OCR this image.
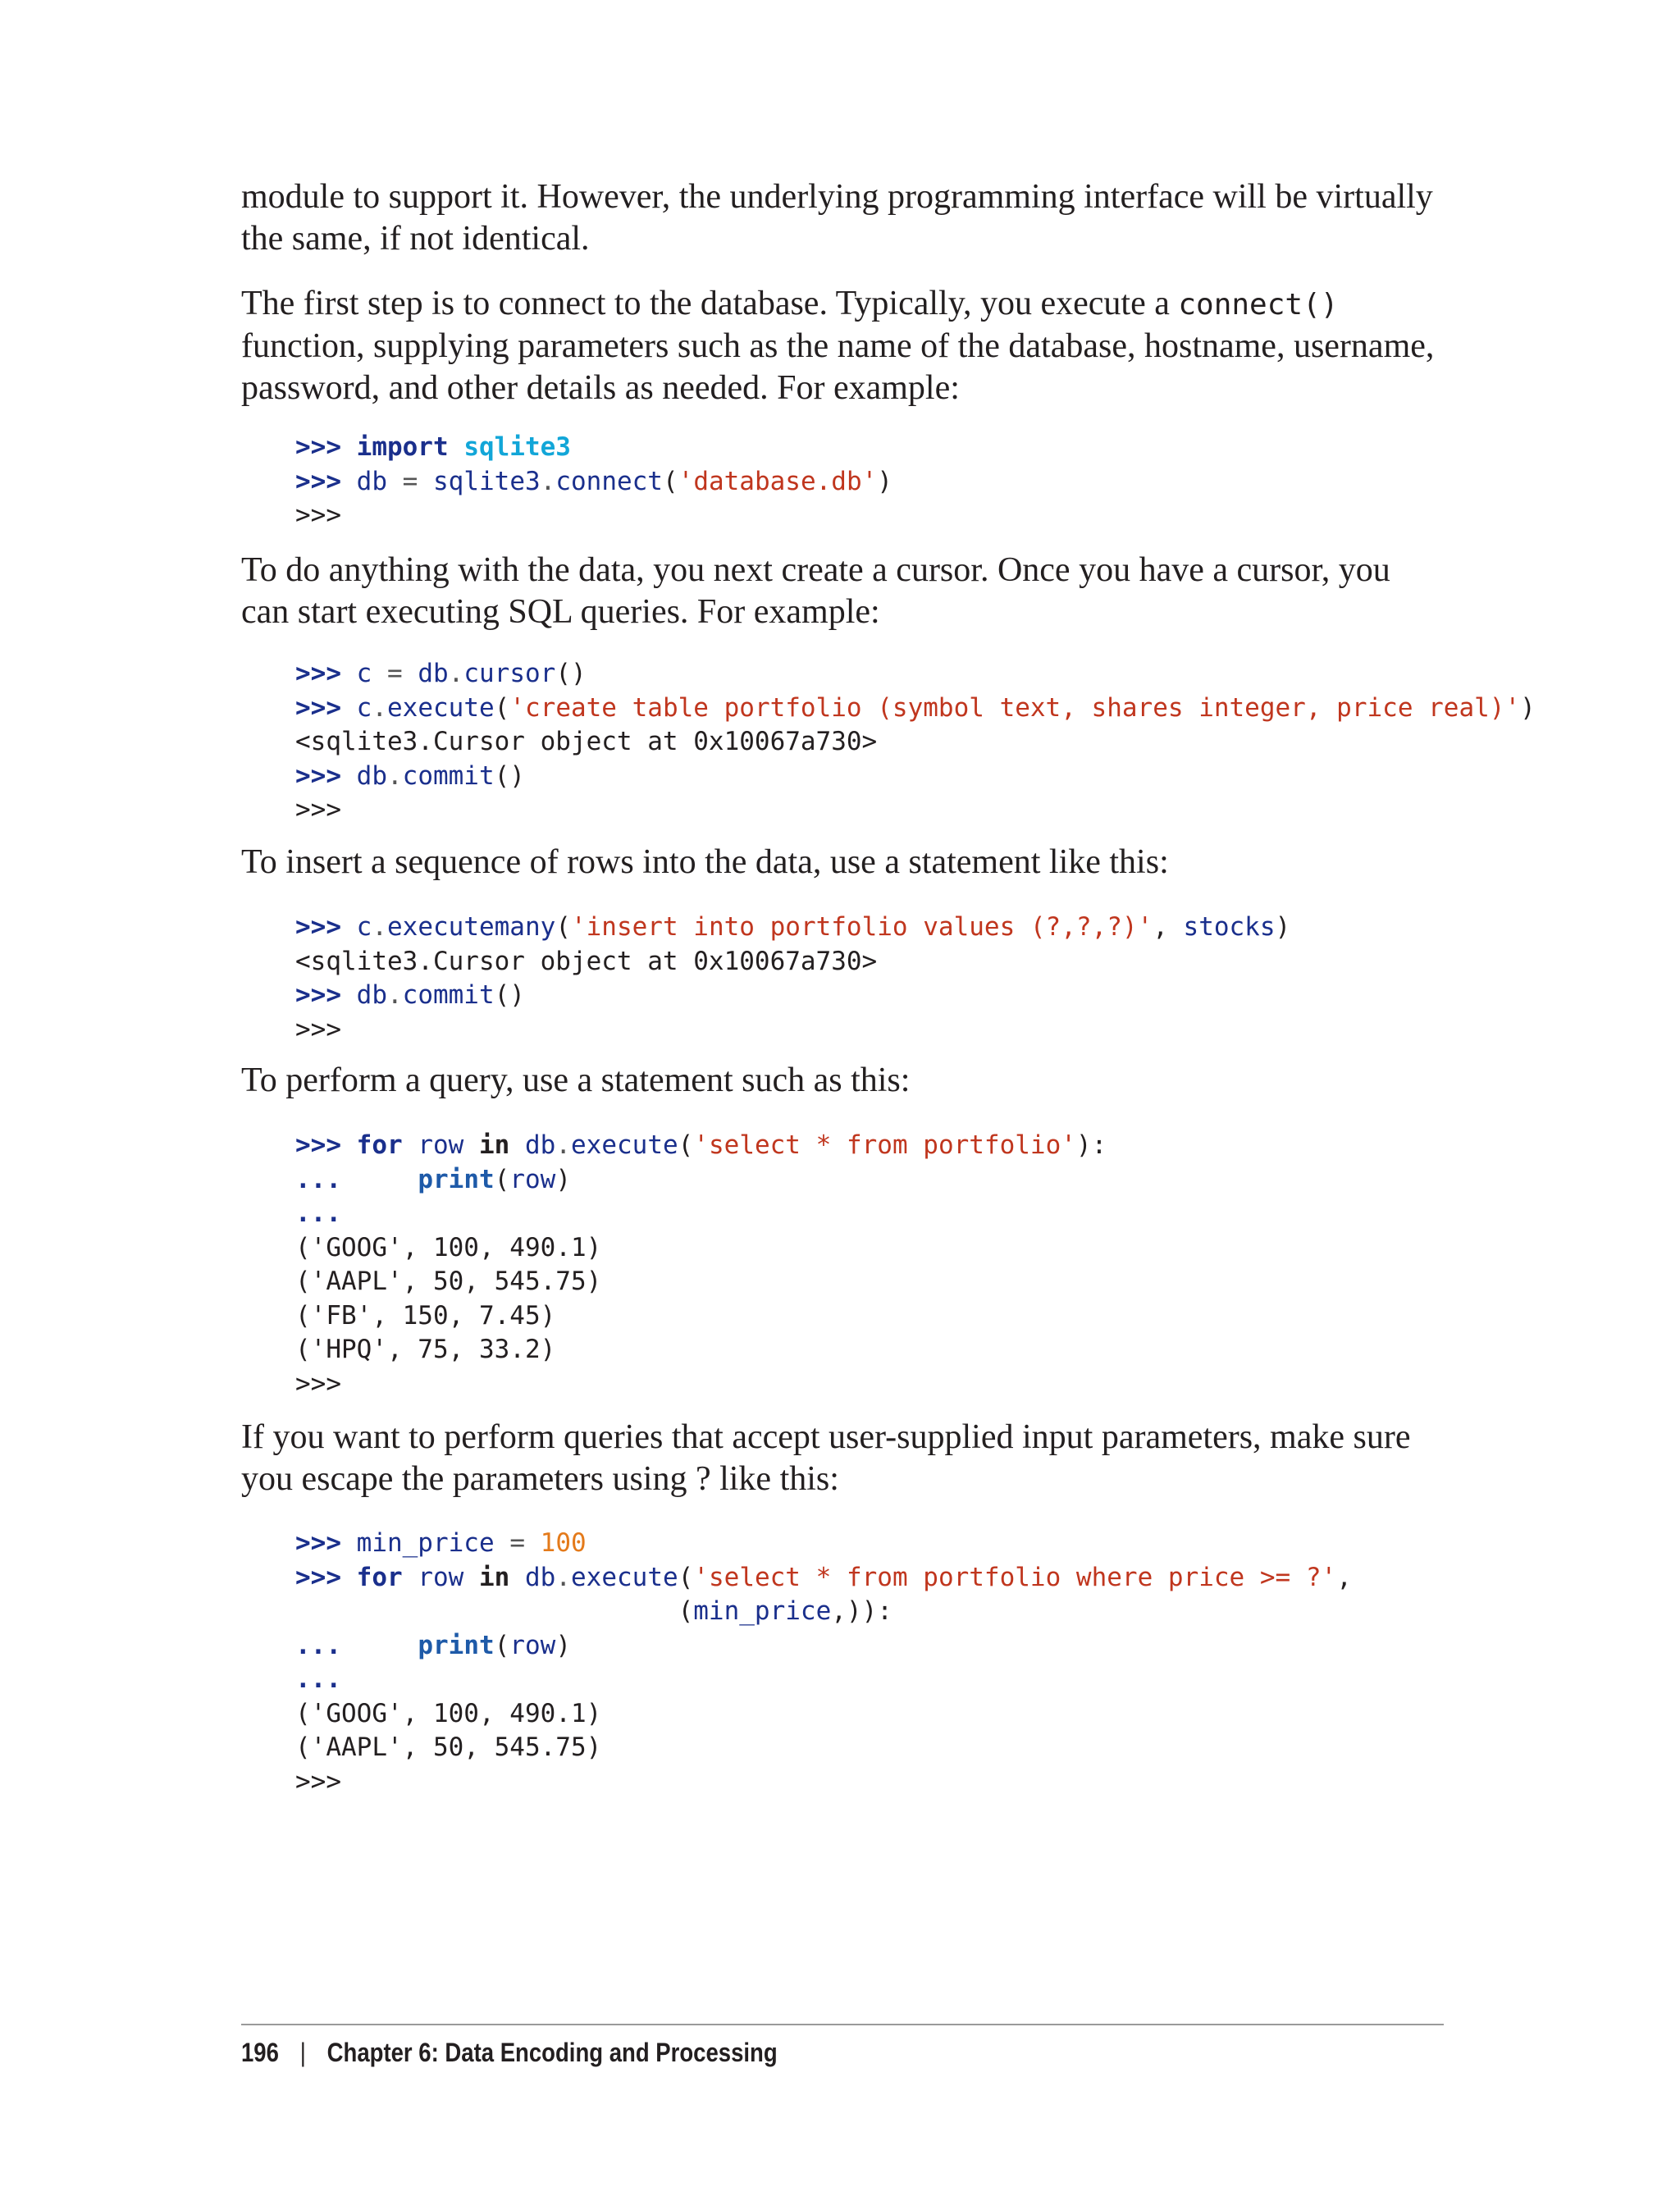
module to support it. However, the underlying programming interface will be virtually the same, if not identical.

The first step is to connect to the database. Typically, you execute a connect() function, supplying parameters such as the name of the database, hostname, username, password, and other details as needed. For example:

>>> import sqlite3
>>> db = sqlite3.connect('database.db')
>>>

To do anything with the data, you next create a cursor. Once you have a cursor, you can start executing SQL queries. For example:

>>> c = db.cursor()
>>> c.execute('create table portfolio (symbol text, shares integer, price real)')
<sqlite3.Cursor object at 0x10067a730>
>>> db.commit()
>>>

To insert a sequence of rows into the data, use a statement like this:

>>> c.executemany('insert into portfolio values (?,?,?)', stocks)
<sqlite3.Cursor object at 0x10067a730>
>>> db.commit()
>>>

To perform a query, use a statement such as this:

>>> for row in db.execute('select * from portfolio'):
...	print(row)
...
('GOOG', 100, 490.1)
('AAPL', 50, 545.75)
('FB', 150, 7.45)
('HPQ', 75, 33.2)
>>>

If you want to perform queries that accept user-supplied input parameters, make sure you escape the parameters using ? like this:

>>> min_price = 100
>>> for row in db.execute('select * from portfolio where price >= ?',
(min_price,)):
...	print(row)
...
('GOOG', 100, 490.1)
('AAPL', 50, 545.75)
>>>
196 | Chapter 6: Data Encoding and Processing
